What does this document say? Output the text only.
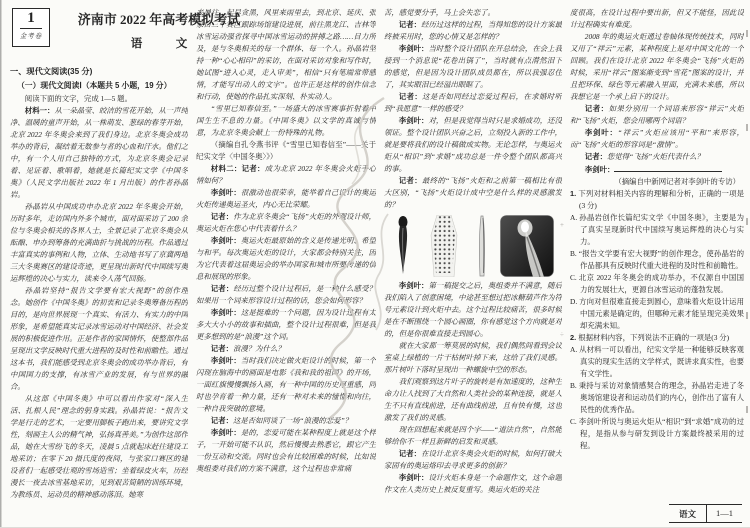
1
金考卷
济南市 2022 年高考模拟考试
语　文

一、现代文阅读(35 分)

（一）现代文阅读Ⅰ（本题共 5 小题，19 分）

阅读下面的文字，完成 1—5 题。

材料一：从一朵晶莹、皎洁的雪花开始，从一声纯净、温暖的童声开始，从一株萌发、葱绿的春芽开始，北京 2022 年冬奥会来到了我们身边。北京冬奥会成功举办的背后，凝结着无数参与者的心血和汗水。他们之中，有一个人用自己独特的方式，为北京冬奥会记录着、见证着、歌唱着，她就是长篇纪实文学《中国冬奥》（人民文学出版社 2022 年 1 月出版）的作者孙晶岩。

孙晶岩从中国成功申办北京 2022 年冬奥会开始，历时多年，走访国内外多个城市，面对面采访了 200 余位与冬奥会相关的各界人士，全景记录了北京冬奥会从酝酿、申办到筹备的充满曲折与挑战的历程。作品通过丰富真实的事例和人物，立体、生动地书写了京冀两地三大冬奥赛区的建设奇迹，更呈现出新时代中国续写奥运辉煌的决心与实力，读来令人荡气回肠。

孙晶岩坚持“报告文学要有宏大视野”的创作理念。她创作《中国冬奥》的初衷和记录冬奥筹备历程的目的，是向世界展现一个真实、有活力、有实力的中国形象，是希望能真实记录冰雪运动对中国经济、社会发展的积极促进作用。正是作者的家国情怀，使整部作品呈现出文学反映时代重大进程的及时性和前瞻性。通过这本书，我们能感受到北京冬奥会的成功举办背后，有中国国力的支撑，有冰雪产业的发展，有与世界的融合。

从这部《中国冬奥》中可以看出作家对“深入生活、扎根人民”理念的躬身实践。孙晶岩说：“报告文学是行走的艺术，一定要用脚板子跑出来，要讲究文学性，刻画主人公的精气神，弘扬真善美。”为创作这部作品，她在大雪纷飞的冬天，凌晨 5 点就起床赶往建设工地采访；在零下 20 摄氏度的夜间，与张家口赛区的建设者们一起感受壮观的雪场造雪；坐着绿皮火车，历经漫长一夜去冰雪基地采访，见到艰苦简陋的训练环境，为教练员、运动员的精神感动落泪。她寒

来暑往，起早贪黑，风里来雨里去，到北京、延庆、张家口三个赛区跟踪场馆建设进展，前往黑龙江、吉林等冰雪运动强省探寻中国冰雪运动的拼搏之路……目力所及，是与冬奥相关的每一个群体、每一个人。孙晶岩坚持一种“心心相印”的采访，在面对采访对象和写作时，她试图“进入心灵，走入审美”，相信“只有笔端常带感情，才能写出动人的文字”。也许正是这样的创作信念和行动，使她的作品扎实深刻、朴实动人。

“雪里已知春信至。”一场盛大的冰雪赛事折射着中国生生不息的力量。《中国冬奥》以文学的真诚与情意，为北京冬奥会献上一份特殊的礼物。

（摘编自孔令燕书评《“雪里已知春信至”——关于纪实文学〈中国冬奥〉》）

材料二：记者：成为北京 2022 年冬奥会火炬手心情如何？

李剑叶：很激动也很荣幸，能举着自己设计的奥运火炬传递奥运圣火，内心无比荣耀。

记者：作为北京冬奥会“飞扬”火炬的外观设计师，奥运火炬在您心中代表着什么？

李剑叶：奥运火炬最原始的含义是传递光明、希望与和平。每次奥运火炬的设计，大家都会特别关注，因为它代表着这届奥运会的举办国家和城市所要传递的信息和展现的形象。

记者：经历过整个设计过程后，是一种什么感受？如果用一个词来形容设计过程的话，您会如何形容？

李剑叶：这是挺难的一个问题，因为设计过程有太多大大小小的故事和插曲，整个设计过程很难，但是我更多想到的是“浪漫”这个词。

记者：浪漫？为什么？

李剑叶：当时我们决定做火炬设计的时候，第一个闪现在脑海中的画面是电影《我和我的祖国》的开场，一面红旗慢慢飘扬入画，有一种中国的历史厚重感，同时也孕育着一种力量，还有一种对未来的憧憬和向往，一种自我突破的意境。

记者：这是否如同谈了一场“浪漫的恋爱”？

李剑叶：是的，恋爱可能在某种程度上就是这个样子，一开始可能不认识，然后慢慢去熟悉它，跟它产生一份互动和交流。同时也会有比较困难的时候，比如说奥组委对我们的方案不满意，这个过程也非常痛

苦，感觉要分手，马上会失恋了。

记者：经历过这样的过程，当得知您的设计方案最终被采用时，您的心情又是怎样的？

李剑叶：当时整个设计团队在开总结会，在会上我接到一个消息说“花卷出锅了”，当时就有点潸然泪下的感觉，但是因为设计团队成员都在，所以我强忍住了，其实眼泪已经溢出眼眶了。

记者：这是否如同经过恋爱过程后，在求婚时听到“我愿意”一样的感受？

李剑叶：对，但是我觉得当时只是求婚成功，还没领证。整个设计团队兴奋之后，立刻投入新的工作中，就是要将我们的设计稿做成实物。无论怎样，与奥运火炬从“相识”到“求婚”成功总是一件令整个团队都高兴的事。

记者：最终的“飞扬”火炬和之前第一稿相比有很大区别，“飞扬”火炬设计成中空是什么样的灵感激发的？

李剑叶：第一稿提交之后，奥组委并不满意，随后我们陷入了创意困境，中途甚至想过把冰糖葫芦作为符号元素设计到火炬中去。这个过程比较痛苦，很多时候是在不断围绕一个圆心画圈，你有感觉这个方向就是对的，但是你很难直接走到圆心。

就在大家都一筹莫展的时候，我们偶然间看到会议室桌上绿植的一片干枯树叶掉下来，这给了我们灵感。那片树叶下落时呈现出一种螺旋中空的形态。

我们观察到这片叶子的旋转是有加速度的，这种生命力让人找到了大自然和人类社会的某种连接，就是人生不只有直线前进，还有曲线前进，且有快有慢，这也激发了我们的灵感。

现在回想起来就是四个字——“道法自然”，自然能够给你不一样且新鲜的启发和灵感。

记者：在设计北京冬奥会火炬的时候，如何打破大家固有的奥运烙印去寻求更多的创新？

李剑叶：设计火炬本身是一个命题作文，这个命题作文在人类历史上被反复重写。奥运火炬的关注

度很高，在设计过程中要出新，但又不能怪，因此设计过程确实有难度。

2008 年的奥运火炬通过卷轴体现传统技术，同时又用了“祥云”元素，某种程度上是对中国文化的一个回顾。我们在设计北京 2022 年冬奥会“飞扬”火炬的时候，采用“祥云”图案渐变到“雪花”图案的设计，并且把环保、绿色等元素融入里面，充满未来感，所以我想它是一个承上启下的设计。

记者：如果分别用一个词语来形容“祥云”火炬和“飞扬”火炬，您会用哪两个词语？

李剑叶：“祥云”火炬应该用“平和”来形容，而“飞扬”火炬的形容词是“激情”。

记者：您觉得“飞扬”火炬代表什么？

李剑叶：

（摘编自中新网记者对李剑叶的专访）

1. 下列对材料相关内容的理解和分析，正确的一项是(3 分)

A. 孙晶岩创作长篇纪实文学《中国冬奥》，主要是为了真实呈现新时代中国续写奥运辉煌的决心与实力。

B. “报告文学要有宏大视野”的创作理念，使孙晶岩的作品都具有反映时代重大进程的及时性和前瞻性。

C. 北京 2022 年冬奥会的成功举办，不仅源自中国国力的发展壮大，更源自冰雪运动的蓬勃发展。

D. 方向对但很难直接走到圆心，意味着火炬设计运用中国元素是确定的，但哪种元素才能呈现完美效果却充满未知。

2. 根据材料内容，下列说法不正确的一项是(3 分)

A. 从材料一可以看出，纪实文学是一种能够反映客观真实的现实生活的文学样式，既讲求真实性，也要有文学性。

B. 秉持与采访对象情感契合的理念，孙晶岩走进了冬奥场馆建设者和运动员们的内心，创作出了富有人民性的优秀作品。

C. 李剑叶所说与奥运火炬从“相识”到“求婚”成功的过程，是指从参与研发到设计方案最终被采用的过程。

+
÷
语文	1—1
